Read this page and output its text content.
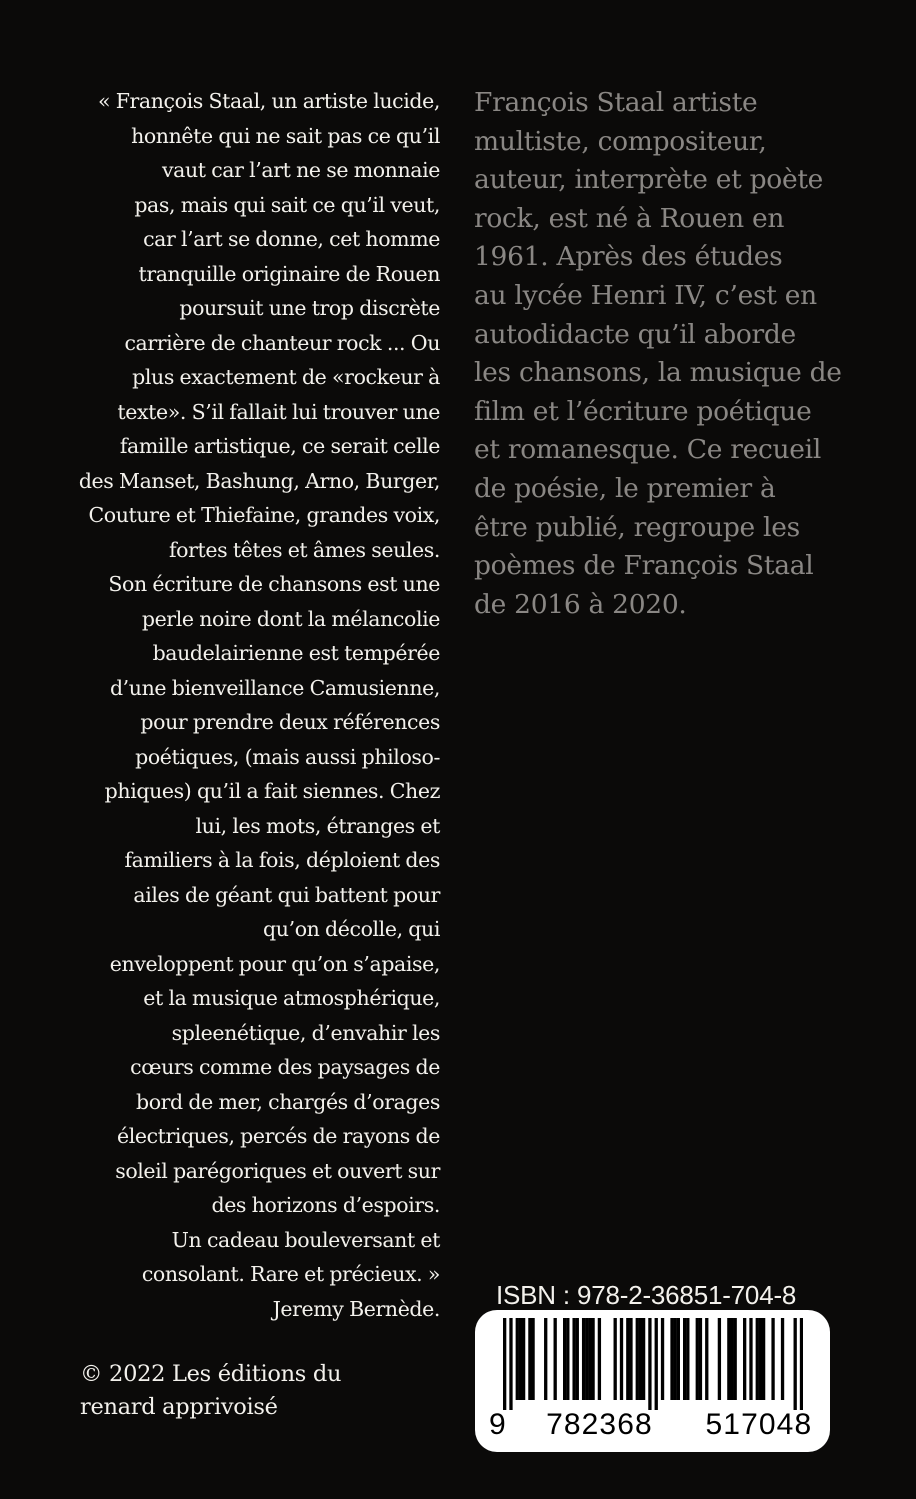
« François Staal, un artiste lucide,
honnête qui ne sait pas ce qu’il
vaut car l’art ne se monnaie
pas, mais qui sait ce qu’il veut,
car l’art se donne, cet homme
tranquille originaire de Rouen
poursuit une trop discrète
carrière de chanteur rock ... Ou
plus exactement de «rockeur à
texte». S’il fallait lui trouver une
famille artistique, ce serait celle
des Manset, Bashung, Arno, Burger,
Couture et Thiefaine, grandes voix,
fortes têtes et âmes seules.
Son écriture de chansons est une
perle noire dont la mélancolie
baudelairienne est tempérée
d’une bienveillance Camusienne,
pour prendre deux références
poétiques, (mais aussi philoso-
phiques) qu’il a fait siennes. Chez
lui, les mots, étranges et
familiers à la fois, déploient des
ailes de géant qui battent pour
qu’on décolle, qui
enveloppent pour qu’on s’apaise,
et la musique atmosphérique,
spleenétique, d’envahir les
cœurs comme des paysages de
bord de mer, chargés d’orages
électriques, percés de rayons de
soleil parégoriques et ouvert sur
des horizons d’espoirs.
Un cadeau bouleversant et
consolant. Rare et précieux. »
Jeremy Bernède.
François Staal artiste
multiste, compositeur,
auteur, interprète et poète
rock, est né à Rouen en
1961. Après des études
au lycée Henri IV, c’est en
autodidacte qu’il aborde
les chansons, la musique de
film et l’écriture poétique
et romanesque. Ce recueil
de poésie, le premier à
être publié, regroupe les
poèmes de François Staal
de 2016 à 2020.
© 2022 Les éditions du
renard apprivoisé
ISBN : 978-2-36851-704-8
9 782368 517048
